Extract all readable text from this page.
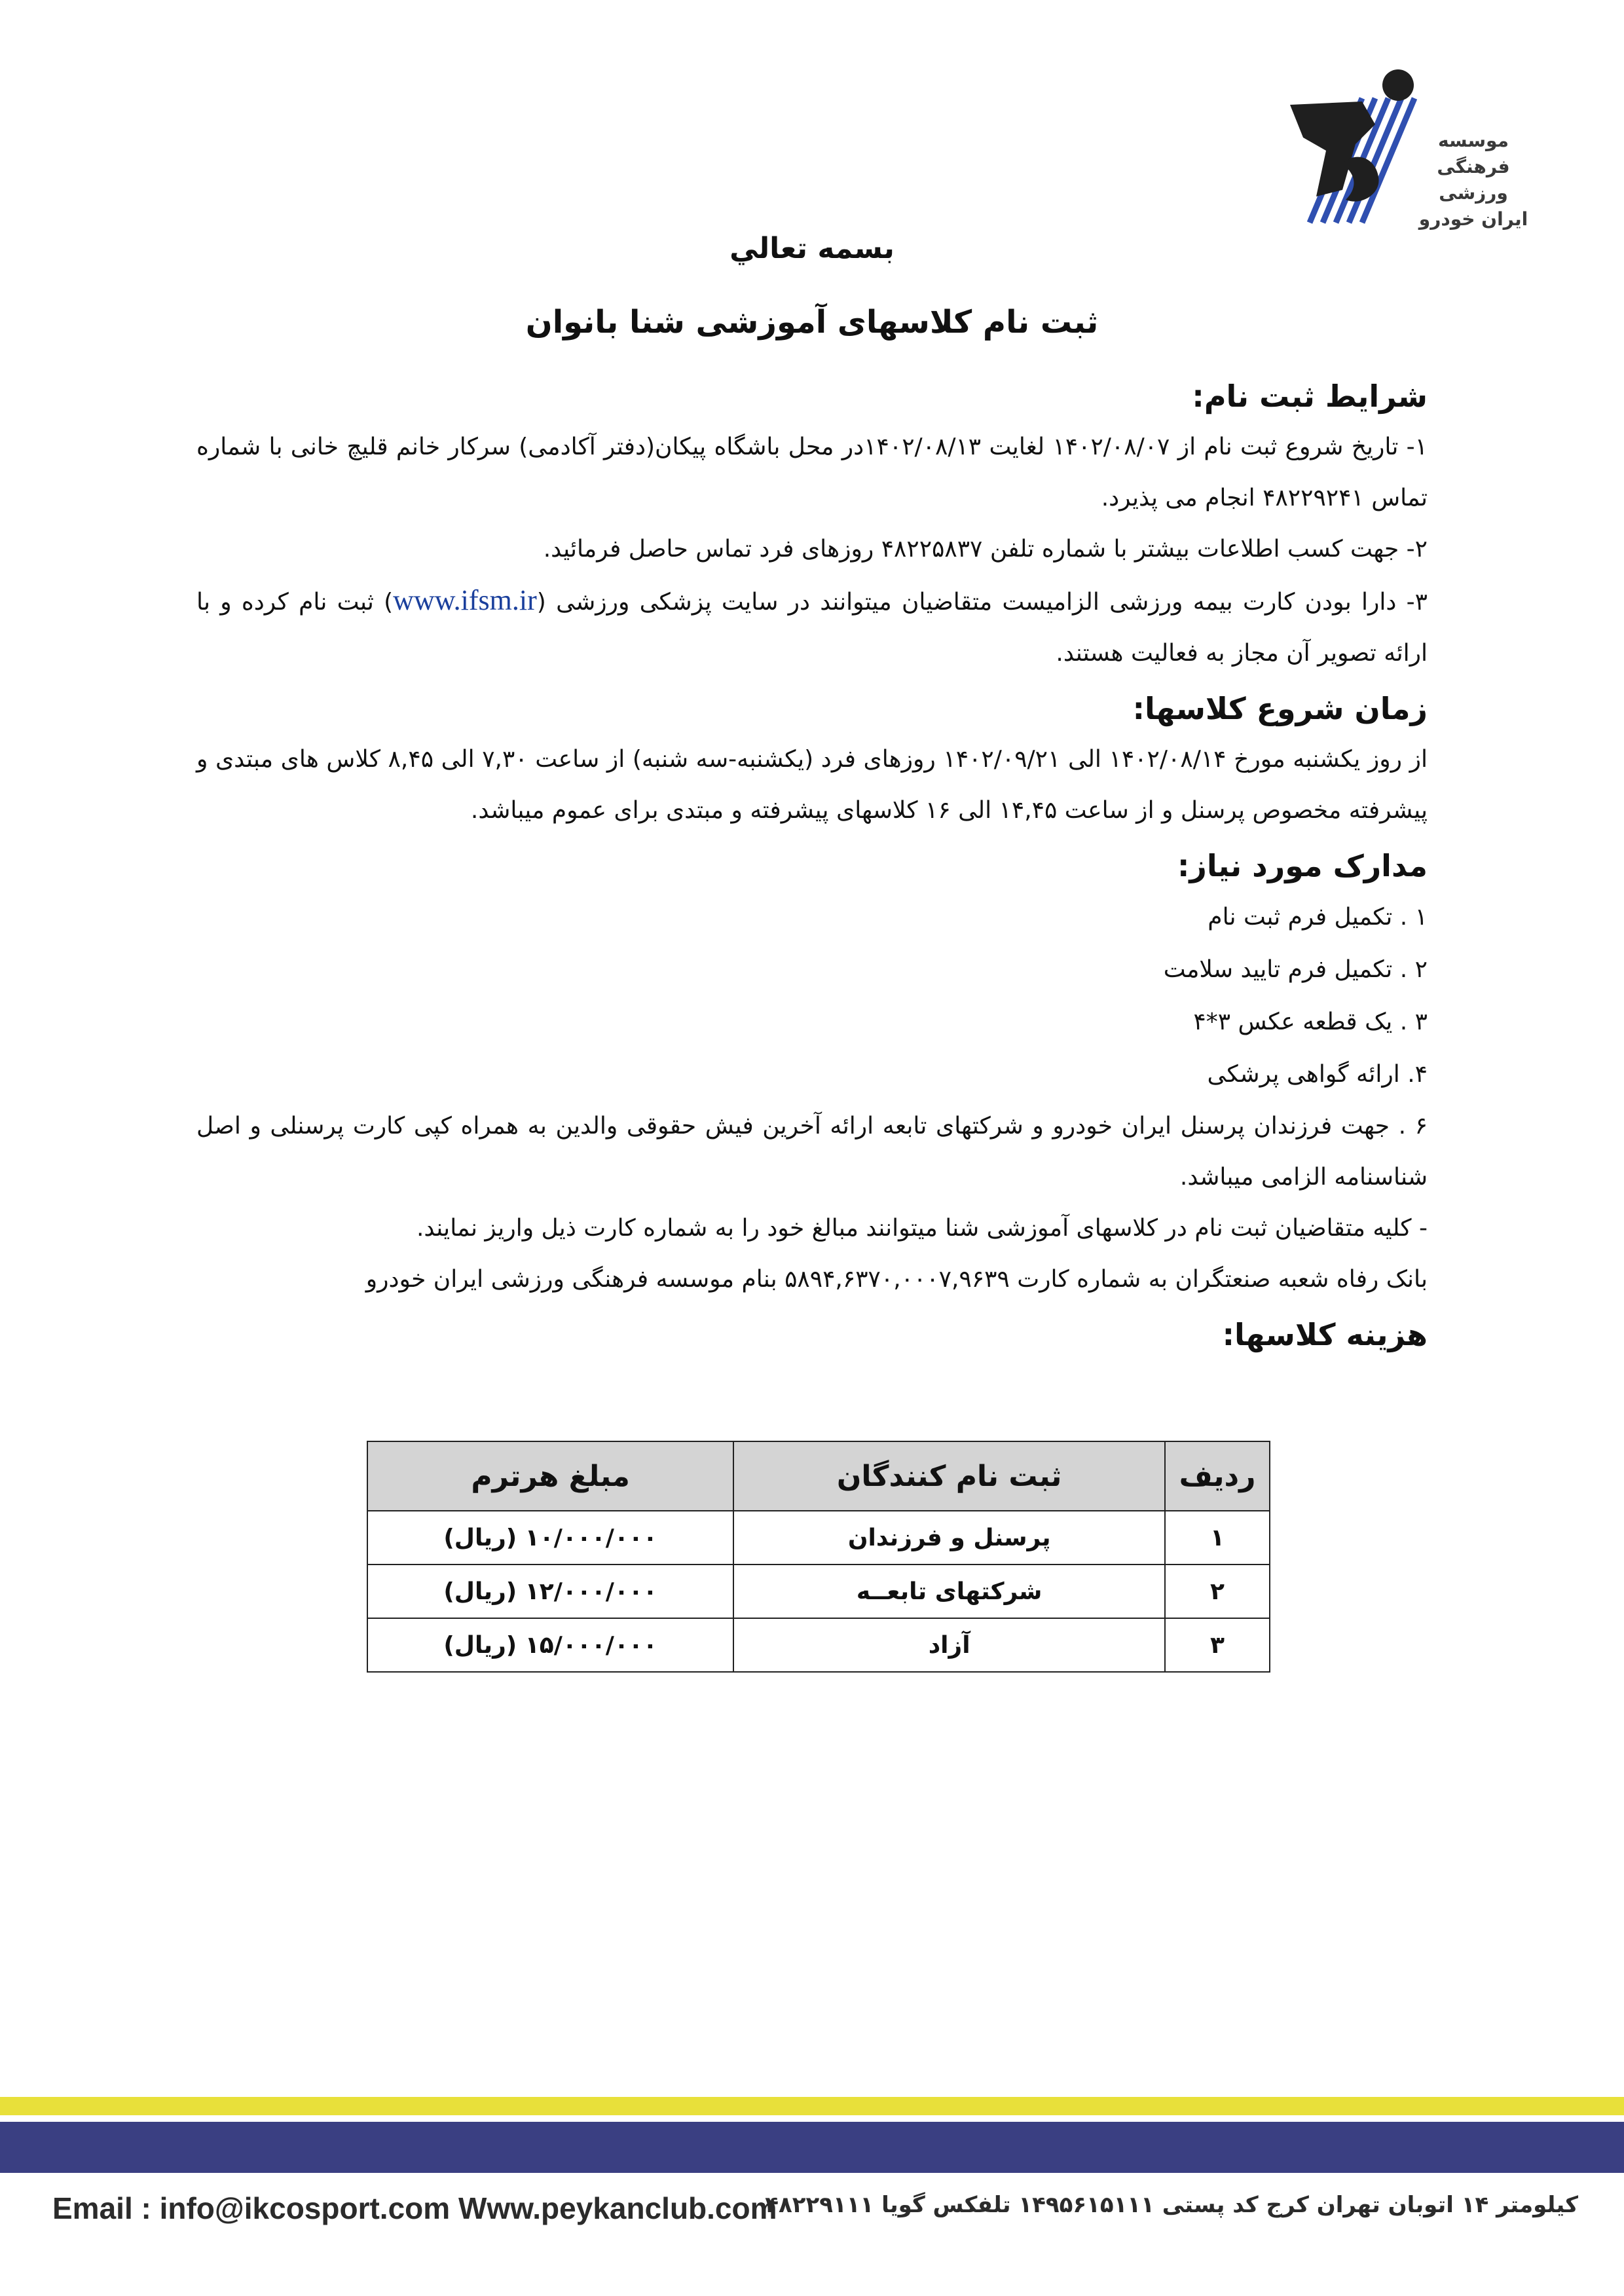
موسسه
فرهنگی ورزشی
ایران خودرو
بسمه تعالي
ثبت نام كلاسهاى آموزشى شنا بانوان
شرایط ثبت نام:

۱- تاریخ شروع ثبت نام از ۱۴۰۲/۰۸/۰۷ لغایت ۱۴۰۲/۰۸/۱۳در محل باشگاه پیکان(دفتر آکادمی) سرکار خانم قلیچ خانی با شماره تماس ۴۸۲۲۹۲۴۱ انجام می پذیرد.

۲- جهت کسب اطلاعات بیشتر با شماره تلفن ۴۸۲۲۵۸۳۷ روزهای فرد تماس حاصل فرمائید.

۳- دارا بودن کارت بیمه ورزشی الزامیست متقاضیان میتوانند در سایت پزشکی ورزشی (www.ifsm.ir) ثبت نام کرده و با ارائه تصویر آن مجاز به فعالیت هستند.

زمان شروع کلاسها:

از روز یکشنبه مورخ ۱۴۰۲/۰۸/۱۴ الی ۱۴۰۲/۰۹/۲۱ روزهای فرد (یکشنبه-سه شنبه) از ساعت ۷,۳۰ الی ۸,۴۵ کلاس های مبتدی و پیشرفته مخصوص پرسنل و از ساعت ۱۴,۴۵ الی ۱۶ کلاسهای پیشرفته و مبتدی برای عموم میباشد.

مدارک مورد نیاز:
۱ . تکمیل فرم ثبت نام
۲ . تکمیل فرم تایید سلامت
۳ . یک قطعه عکس ۳*۴
۴. ارائه گواهی پرشکی

۶ . جهت فرزندان پرسنل ایران خودرو و شرکتهای تابعه ارائه آخرین فیش حقوقی والدین به همراه کپی کارت پرسنلی و اصل شناسنامه الزامی میباشد.

- کلیه متقاضیان ثبت نام در کلاسهای آموزشی شنا میتوانند مبالغ خود را به شماره کارت ذیل واریز نمایند.

بانک رفاه شعبه صنعتگران به شماره کارت ۵۸۹۴,۶۳۷۰,۰۰۰۷,۹۶۳۹ بنام موسسه فرهنگی ورزشی ایران خودرو

هزینه کلاسها:
رديف	ثبت نام کنندگان	مبلغ هرترم
۱	پرسنل و فرزندان	۱۰/۰۰۰/۰۰۰ (ريال)
۲	شرکتهای تابعــه	۱۲/۰۰۰/۰۰۰ (ريال)
۳	آزاد	۱۵/۰۰۰/۰۰۰ (ريال)
Email : info@ikcosport.com Www.peykanclub.com
کیلومتر ۱۴ اتوبان تهران کرج کد پستی ۱۴۹۵۶۱۵۱۱۱ تلفکس گویا ۴۸۲۲۹۱۱۱
